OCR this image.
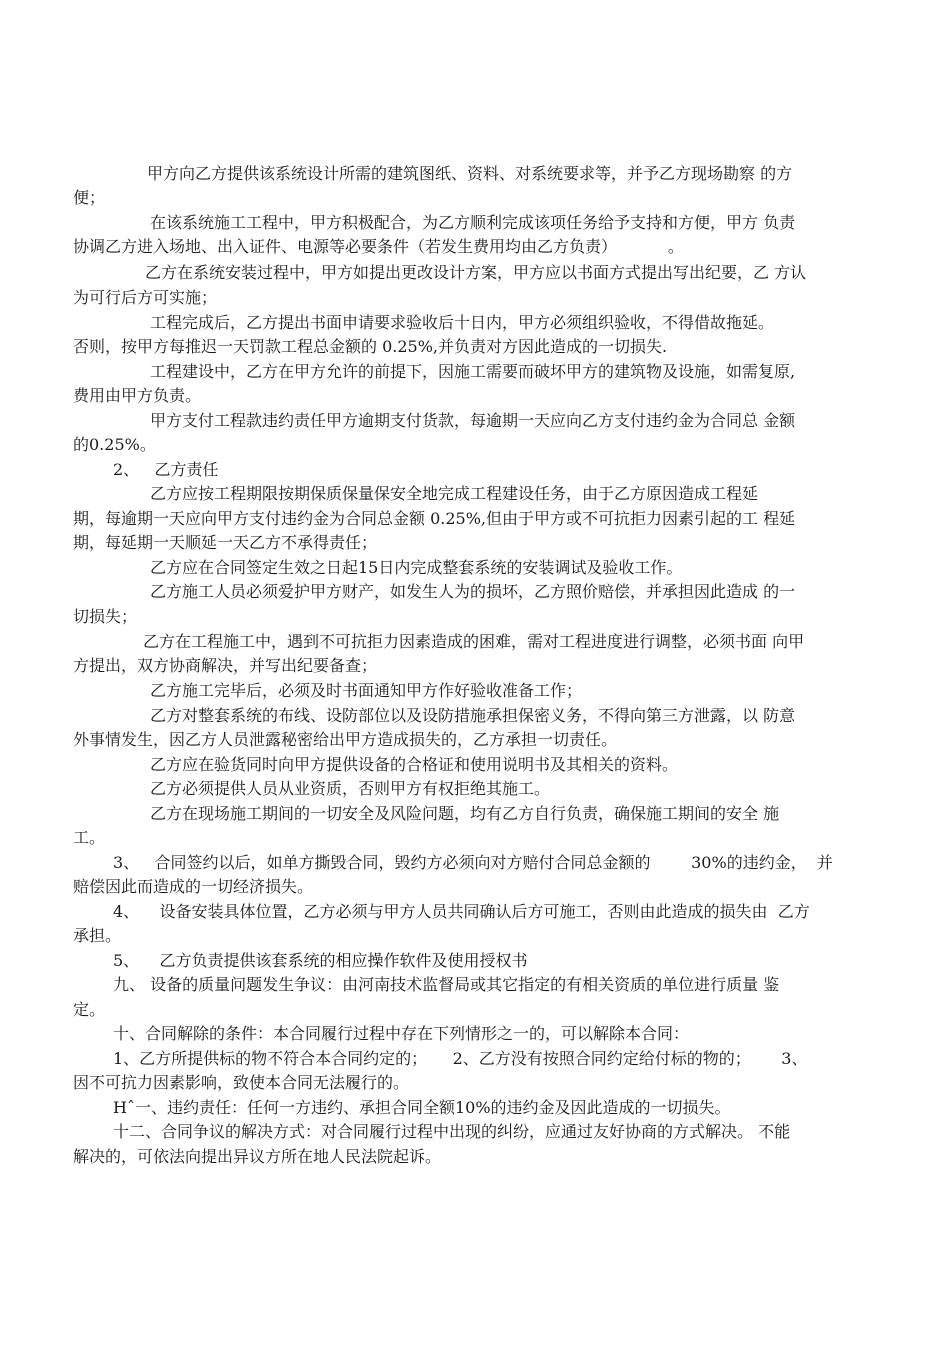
甲方向乙方提供该系统设计所需的建筑图纸、资料、对系统要求等，并予乙方现场勘察 的方
便；
在该系统施工工程中，甲方积极配合，为乙方顺利完成该项任务给予支持和方便，甲方 负责
协调乙方进入场地、出入证件、电源等必要条件（若发生费用均由乙方负责）          。
乙方在系统安装过程中，甲方如提出更改设计方案，甲方应以书面方式提出写出纪要，乙 方认
为可行后方可实施；
工程完成后，乙方提出书面申请要求验收后十日内，甲方必须组织验收，不得借故拖延。
否则，按甲方每推迟一天罚款工程总金额的 0.25%,并负责对方因此造成的一切损失.
工程建设中，乙方在甲方允许的前提下，因施工需要而破坏甲方的建筑物及设施，如需复原,
费用由甲方负责。
甲方支付工程款违约责任甲方逾期支付货款，每逾期一天应向乙方支付违约金为合同总 金额
的0.25%。
2、   乙方责任
乙方应按工程期限按期保质保量保安全地完成工程建设任务，由于乙方原因造成工程延
期，每逾期一天应向甲方支付违约金为合同总金额 0.25%,但由于甲方或不可抗拒力因素引起的工 程延
期，每延期一天顺延一天乙方不承得责任；
乙方应在合同签定生效之日起15日内完成整套系统的安装调试及验收工作。
乙方施工人员必须爱护甲方财产，如发生人为的损坏，乙方照价赔偿，并承担因此造成 的一
切损失；
乙方在工程施工中，遇到不可抗拒力因素造成的困难，需对工程进度进行调整，必须书面 向甲
方提出，双方协商解决，并写出纪要备查；
乙方施工完毕后，必须及时书面通知甲方作好验收准备工作；
乙方对整套系统的布线、设防部位以及设防措施承担保密义务，不得向第三方泄露，以 防意
外事情发生，因乙方人员泄露秘密给出甲方造成损失的，乙方承担一切责任。
乙方应在验货同时向甲方提供设备的合格证和使用说明书及其相关的资料。
乙方必须提供人员从业资质，否则甲方有权拒绝其施工。
乙方在现场施工期间的一切安全及风险问题，均有乙方自行负责，确保施工期间的安全 施
工。
3、   合同签约以后，如单方撕毁合同，毁约方必须向对方赔付合同总金额的        30%的违约金，  并
赔偿因此而造成的一切经济损失。
4、    设备安装具体位置，乙方必须与甲方人员共同确认后方可施工，否则由此造成的损失由  乙方
承担。
5、    乙方负责提供该套系统的相应操作软件及使用授权书
九、 设备的质量问题发生争议：由河南技术监督局或其它指定的有相关资质的单位进行质量 鉴
定。
十、合同解除的条件：本合同履行过程中存在下列情形之一的，可以解除本合同：
1、乙方所提供标的物不符合本合同约定的；     2、乙方没有按照合同约定给付标的物的；      3、
因不可抗力因素影响，致使本合同无法履行的。
Hˆ一、违约责任：任何一方违约、承担合同全额10%的违约金及因此造成的一切损失。
十二、合同争议的解决方式：对合同履行过程中出现的纠纷，应通过友好协商的方式解决。 不能
解决的，可依法向提出异议方所在地人民法院起诉。
